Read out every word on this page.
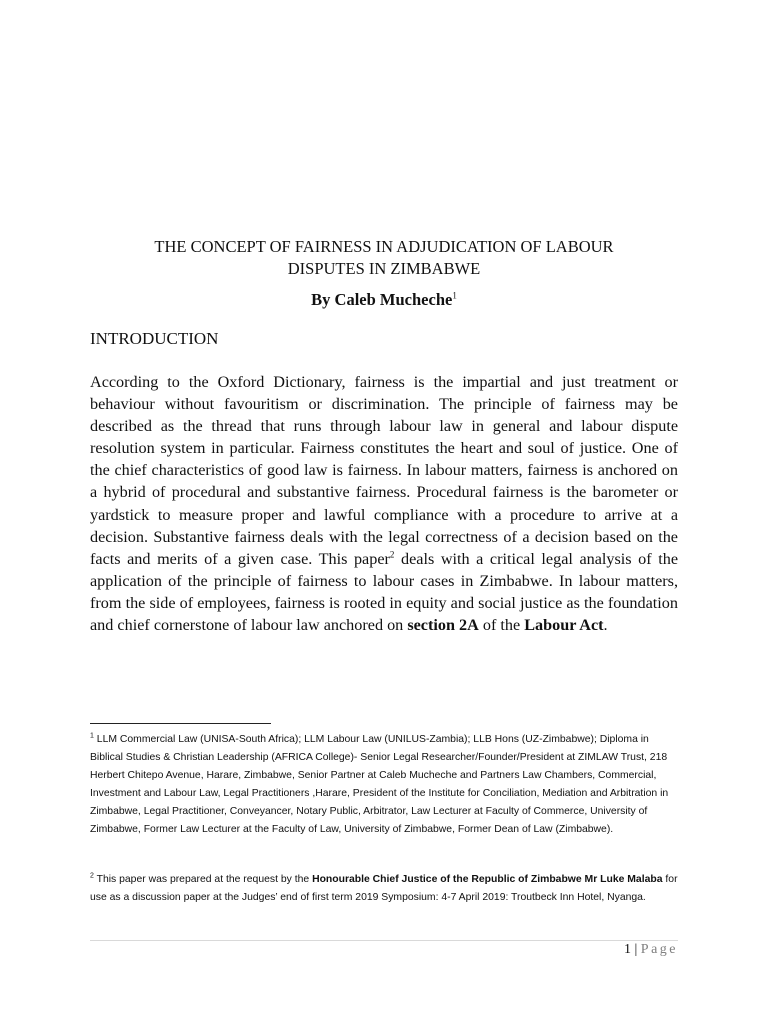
THE CONCEPT OF FAIRNESS IN ADJUDICATION OF LABOUR
DISPUTES IN ZIMBABWE

By Caleb Mucheche$^1$

INTRODUCTION

According to the Oxford Dictionary, fairness is the impartial and just treatment or behaviour without favouritism or discrimination. The principle of fairness may be described as the thread that runs through labour law in general and labour dispute resolution system in particular. Fairness constitutes the heart and soul of justice. One of the chief characteristics of good law is fairness. In labour matters, fairness is anchored on a hybrid of procedural and substantive fairness. Procedural fairness is the barometer or yardstick to measure proper and lawful compliance with a procedure to arrive at a decision. Substantive fairness deals with the legal correctness of a decision based on the facts and merits of a given case. This paper$^2$ deals with a critical legal analysis of the application of the principle of fairness to labour cases in Zimbabwe. In labour matters, from the side of employees, fairness is rooted in equity and social justice as the foundation and chief cornerstone of labour law anchored on section 2A of the Labour Act.

$^1$ LLM Commercial Law (UNISA-South Africa); LLM Labour Law (UNILUS-Zambia); LLB Hons (UZ-Zimbabwe); Diploma in Biblical Studies & Christian Leadership (AFRICA College)- Senior Legal Researcher/Founder/President at ZIMLAW Trust, 218 Herbert Chitepo Avenue, Harare, Zimbabwe, Senior Partner at Caleb Mucheche and Partners Law Chambers, Commercial, Investment and Labour Law, Legal Practitioners ,Harare, President of the Institute for Conciliation, Mediation and Arbitration in Zimbabwe, Legal Practitioner, Conveyancer, Notary Public, Arbitrator, Law Lecturer at Faculty of Commerce, University of Zimbabwe, Former Law Lecturer at the Faculty of Law, University of Zimbabwe, Former Dean of Law (Zimbabwe).

$^2$ This paper was prepared at the request by the Honourable Chief Justice of the Republic of Zimbabwe Mr Luke Malaba for use as a discussion paper at the Judges’ end of first term 2019 Symposium: 4-7 April 2019: Troutbeck Inn Hotel, Nyanga.

1 | Page
